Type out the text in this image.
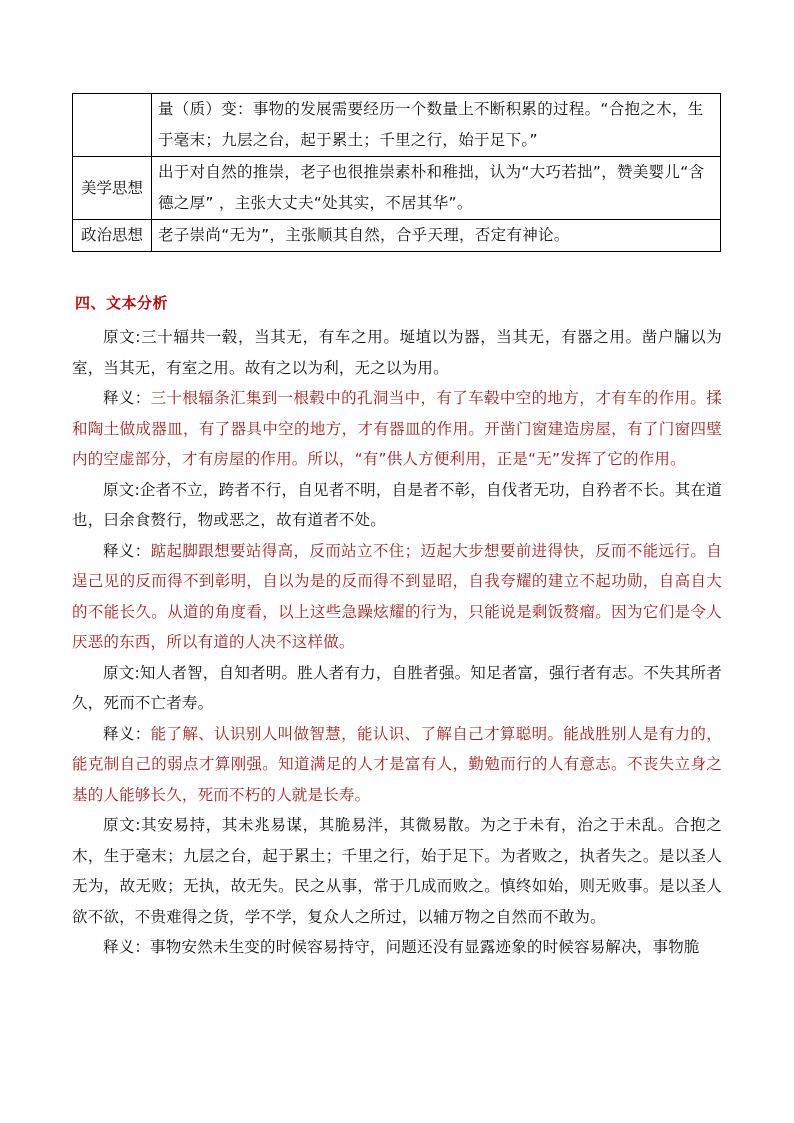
	量（质）变：事物的发展需要经历一个数量上不断积累的过程。“合抱之木，生于毫末；九层之台，起于累土；千里之行，始于足下。”
美学思想	出于对自然的推崇，老子也很推崇素朴和稚拙，认为“大巧若拙”，赞美婴儿“含德之厚” ，主张大丈夫“处其实，不居其华”。
政治思想	老子崇尚“无为”，主张顺其自然，合乎天理，否定有神论。
四、文本分析

原文:三十辐共一毂，当其无，有车之用。埏埴以为器，当其无，有器之用。凿户牖以为室，当其无，有室之用。故有之以为利，无之以为用。

释义：三十根辐条汇集到一根毂中的孔洞当中，有了车毂中空的地方，才有车的作用。揉和陶土做成器皿，有了器具中空的地方，才有器皿的作用。开凿门窗建造房屋，有了门窗四壁内的空虚部分，才有房屋的作用。所以，“有”供人方便利用，正是“无”发挥了它的作用。

原文:企者不立，跨者不行，自见者不明，自是者不彰，自伐者无功，自矜者不长。其在道也，曰余食赘行，物或恶之，故有道者不处。

释义：踮起脚跟想要站得高，反而站立不住；迈起大步想要前进得快，反而不能远行。自逞己见的反而得不到彰明，自以为是的反而得不到显昭，自我夸耀的建立不起功勋，自高自大的不能长久。从道的角度看，以上这些急躁炫耀的行为，只能说是剩饭赘瘤。因为它们是令人厌恶的东西，所以有道的人决不这样做。

原文:知人者智，自知者明。胜人者有力，自胜者强。知足者富，强行者有志。不失其所者久，死而不亡者寿。

释义：能了解、认识别人叫做智慧，能认识、了解自己才算聪明。能战胜别人是有力的，能克制自己的弱点才算刚强。知道满足的人才是富有人，勤勉而行的人有意志。不丧失立身之基的人能够长久，死而不朽的人就是长寿。

原文:其安易持，其未兆易谋，其脆易泮，其微易散。为之于未有，治之于未乱。合抱之木，生于毫末；九层之台，起于累土；千里之行，始于足下。为者败之，执者失之。是以圣人无为，故无败；无执，故无失。民之从事，常于几成而败之。慎终如始，则无败事。是以圣人欲不欲，不贵难得之货，学不学，复众人之所过，以辅万物之自然而不敢为。

释义：事物安然未生变的时候容易持守，问题还没有显露迹象的时候容易解决，事物脆
